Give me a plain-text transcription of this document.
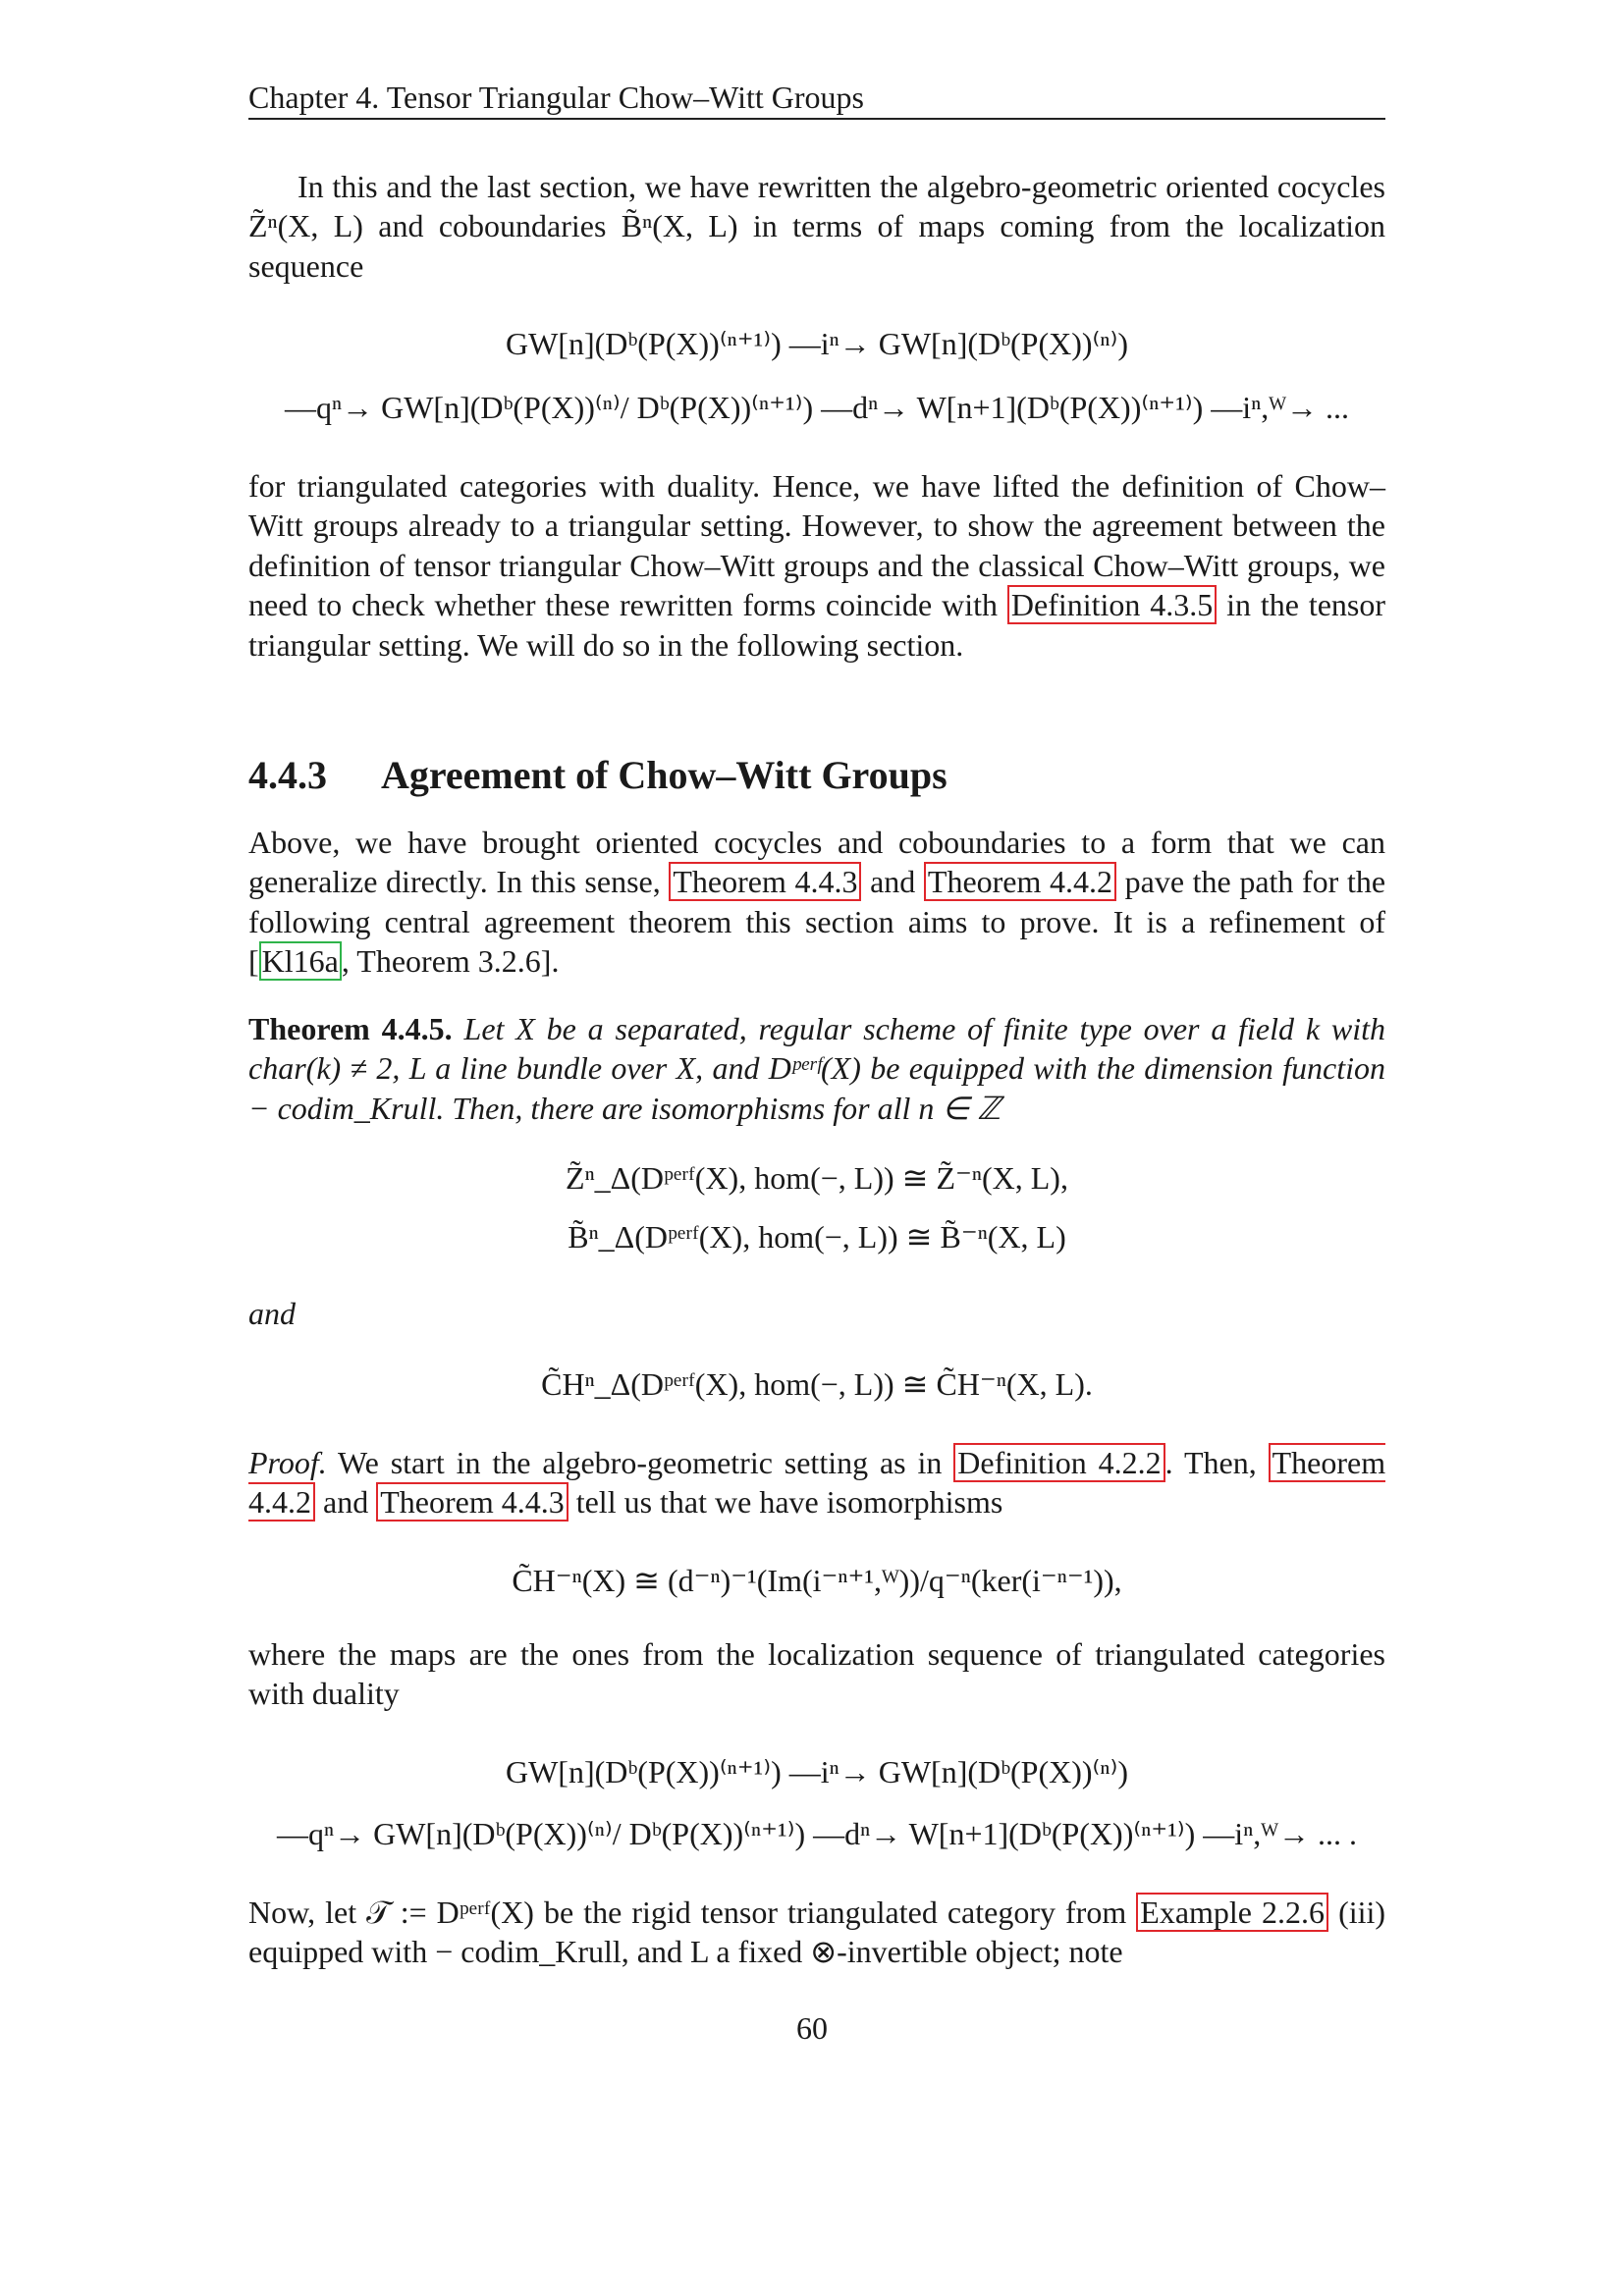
Chapter 4. Tensor Triangular Chow–Witt Groups
In this and the last section, we have rewritten the algebro-geometric oriented cocycles Z̃ⁿ(X, L) and coboundaries B̃ⁿ(X, L) in terms of maps coming from the localization sequence
GW[n](Dᵇ(P(X))⁽ⁿ⁺¹⁾) —iⁿ→ GW[n](Dᵇ(P(X))⁽ⁿ⁾)
—qⁿ→ GW[n](Dᵇ(P(X))⁽ⁿ⁾/ Dᵇ(P(X))⁽ⁿ⁺¹⁾) —dⁿ→ W[n+1](Dᵇ(P(X))⁽ⁿ⁺¹⁾) —iⁿ,ᵂ→ ...
for triangulated categories with duality. Hence, we have lifted the definition of Chow–Witt groups already to a triangular setting. However, to show the agreement between the definition of tensor triangular Chow–Witt groups and the classical Chow–Witt groups, we need to check whether these rewritten forms coincide with Definition 4.3.5 in the tensor triangular setting. We will do so in the following section.
4.4.3 Agreement of Chow–Witt Groups
Above, we have brought oriented cocycles and coboundaries to a form that we can generalize directly. In this sense, Theorem 4.4.3 and Theorem 4.4.2 pave the path for the following central agreement theorem this section aims to prove. It is a refinement of [Kl16a, Theorem 3.2.6].
Theorem 4.4.5. Let X be a separated, regular scheme of finite type over a field k with char(k) ≠ 2, L a line bundle over X, and Dᵖᵉʳᶠ(X) be equipped with the dimension function − codim_Krull. Then, there are isomorphisms for all n ∈ ℤ
Z̃ⁿ_Δ(Dᵖᵉʳᶠ(X), hom(−, L)) ≅ Z̃⁻ⁿ(X, L),
B̃ⁿ_Δ(Dᵖᵉʳᶠ(X), hom(−, L)) ≅ B̃⁻ⁿ(X, L)
and
C̃Hⁿ_Δ(Dᵖᵉʳᶠ(X), hom(−, L)) ≅ C̃H⁻ⁿ(X, L).
Proof. We start in the algebro-geometric setting as in Definition 4.2.2 . Then, Theorem 4.4.2 and Theorem 4.4.3 tell us that we have isomorphisms
C̃H⁻ⁿ(X) ≅ (d⁻ⁿ)⁻¹(Im(i⁻ⁿ⁺¹,ᵂ))/q⁻ⁿ(ker(i⁻ⁿ⁻¹)),
where the maps are the ones from the localization sequence of triangulated categories with duality
GW[n](Dᵇ(P(X))⁽ⁿ⁺¹⁾) —iⁿ→ GW[n](Dᵇ(P(X))⁽ⁿ⁾)
—qⁿ→ GW[n](Dᵇ(P(X))⁽ⁿ⁾/ Dᵇ(P(X))⁽ⁿ⁺¹⁾) —dⁿ→ W[n+1](Dᵇ(P(X))⁽ⁿ⁺¹⁾) —iⁿ,ᵂ→ ... .
Now, let 𝒯 := Dᵖᵉʳᶠ(X) be the rigid tensor triangulated category from Example 2.2.6 (iii) equipped with − codim_Krull, and L a fixed ⊗-invertible object; note
60
